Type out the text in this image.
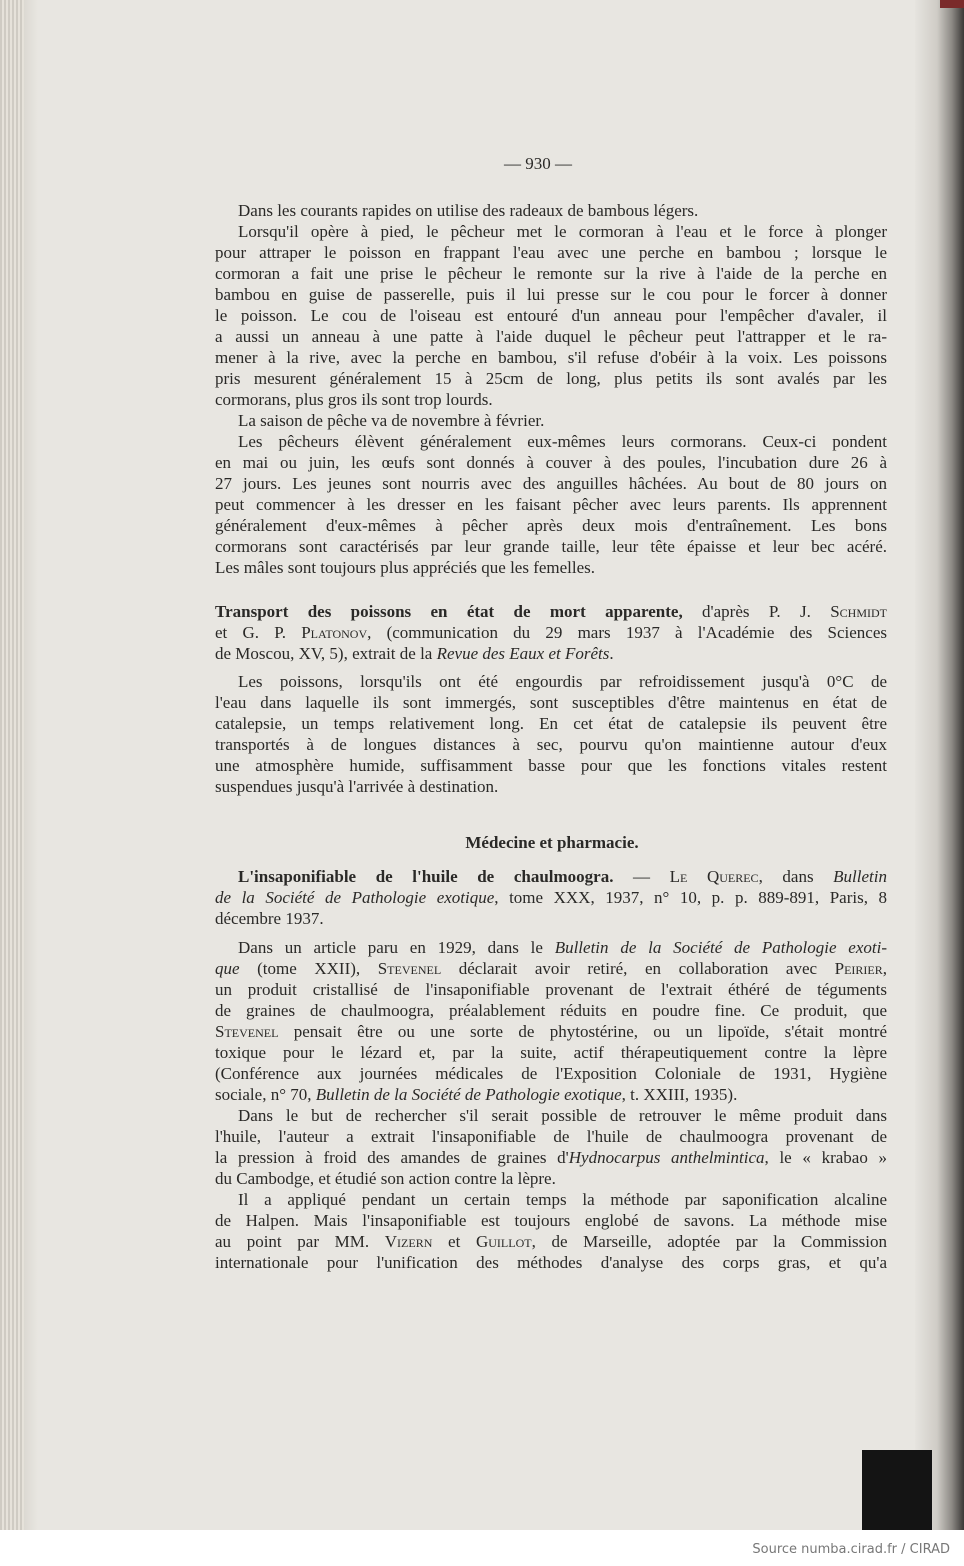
— 930 —
Médecine et pharmacie.
Dans les courants rapides on utilise des radeaux de bambous légers.
Lorsqu'il opère à pied, le pêcheur met le cormoran à l'eau et le force à plonger
pour attraper le poisson en frappant l'eau avec une perche en bambou ; lorsque le
cormoran a fait une prise le pêcheur le remonte sur la rive à l'aide de la perche en
bambou en guise de passerelle, puis il lui presse sur le cou pour le forcer à donner
le poisson. Le cou de l'oiseau est entouré d'un anneau pour l'empêcher d'avaler, il
a aussi un anneau à une patte à l'aide duquel le pêcheur peut l'attrapper et le ra-
mener à la rive, avec la perche en bambou, s'il refuse d'obéir à la voix. Les poissons
pris mesurent généralement 15 à 25cm de long, plus petits ils sont avalés par les
cormorans, plus gros ils sont trop lourds.
La saison de pêche va de novembre à février.
Les pêcheurs élèvent généralement eux-mêmes leurs cormorans. Ceux-ci pondent
en mai ou juin, les œufs sont donnés à couver à des poules, l'incubation dure 26 à
27 jours. Les jeunes sont nourris avec des anguilles hâchées. Au bout de 80 jours on
peut commencer à les dresser en les faisant pêcher avec leurs parents. Ils apprennent
généralement d'eux-mêmes à pêcher après deux mois d'entraînement. Les bons
cormorans sont caractérisés par leur grande taille, leur tête épaisse et leur bec acéré.
Les mâles sont toujours plus appréciés que les femelles.
Transport des poissons en état de mort apparente, d'après P. J. Schmidt
et G. P. Platonov, (communication du 29 mars 1937 à l'Académie des Sciences
de Moscou, XV, 5), extrait de la Revue des Eaux et Forêts.
Les poissons, lorsqu'ils ont été engourdis par refroidissement jusqu'à 0°C de
l'eau dans laquelle ils sont immergés, sont susceptibles d'être maintenus en état de
catalepsie, un temps relativement long. En cet état de catalepsie ils peuvent être
transportés à de longues distances à sec, pourvu qu'on maintienne autour d'eux
une atmosphère humide, suffisamment basse pour que les fonctions vitales restent
suspendues jusqu'à l'arrivée à destination.
L'insaponifiable de l'huile de chaulmoogra. — Le Querec, dans Bulletin
de la Société de Pathologie exotique, tome XXX, 1937, n° 10, p. p. 889-891, Paris, 8
décembre 1937.
Dans un article paru en 1929, dans le Bulletin de la Société de Pathologie exoti-
que (tome XXII), Stevenel déclarait avoir retiré, en collaboration avec Peirier,
un produit cristallisé de l'insaponifiable provenant de l'extrait éthéré de téguments
de graines de chaulmoogra, préalablement réduits en poudre fine. Ce produit, que
Stevenel pensait être ou une sorte de phytostérine, ou un lipoïde, s'était montré
toxique pour le lézard et, par la suite, actif thérapeutiquement contre la lèpre
(Conférence aux journées médicales de l'Exposition Coloniale de 1931, Hygiène
sociale, n° 70, Bulletin de la Société de Pathologie exotique, t. XXIII, 1935).
Dans le but de rechercher s'il serait possible de retrouver le même produit dans
l'huile, l'auteur a extrait l'insaponifiable de l'huile de chaulmoogra provenant de
la pression à froid des amandes de graines d'Hydnocarpus anthelmintica, le « krabao »
du Cambodge, et étudié son action contre la lèpre.
Il a appliqué pendant un certain temps la méthode par saponification alcaline
de Halpen. Mais l'insaponifiable est toujours englobé de savons. La méthode mise
au point par MM. Vizern et Guillot, de Marseille, adoptée par la Commission
internationale pour l'unification des méthodes d'analyse des corps gras, et qu'a
Source numba.cirad.fr / CIRAD
